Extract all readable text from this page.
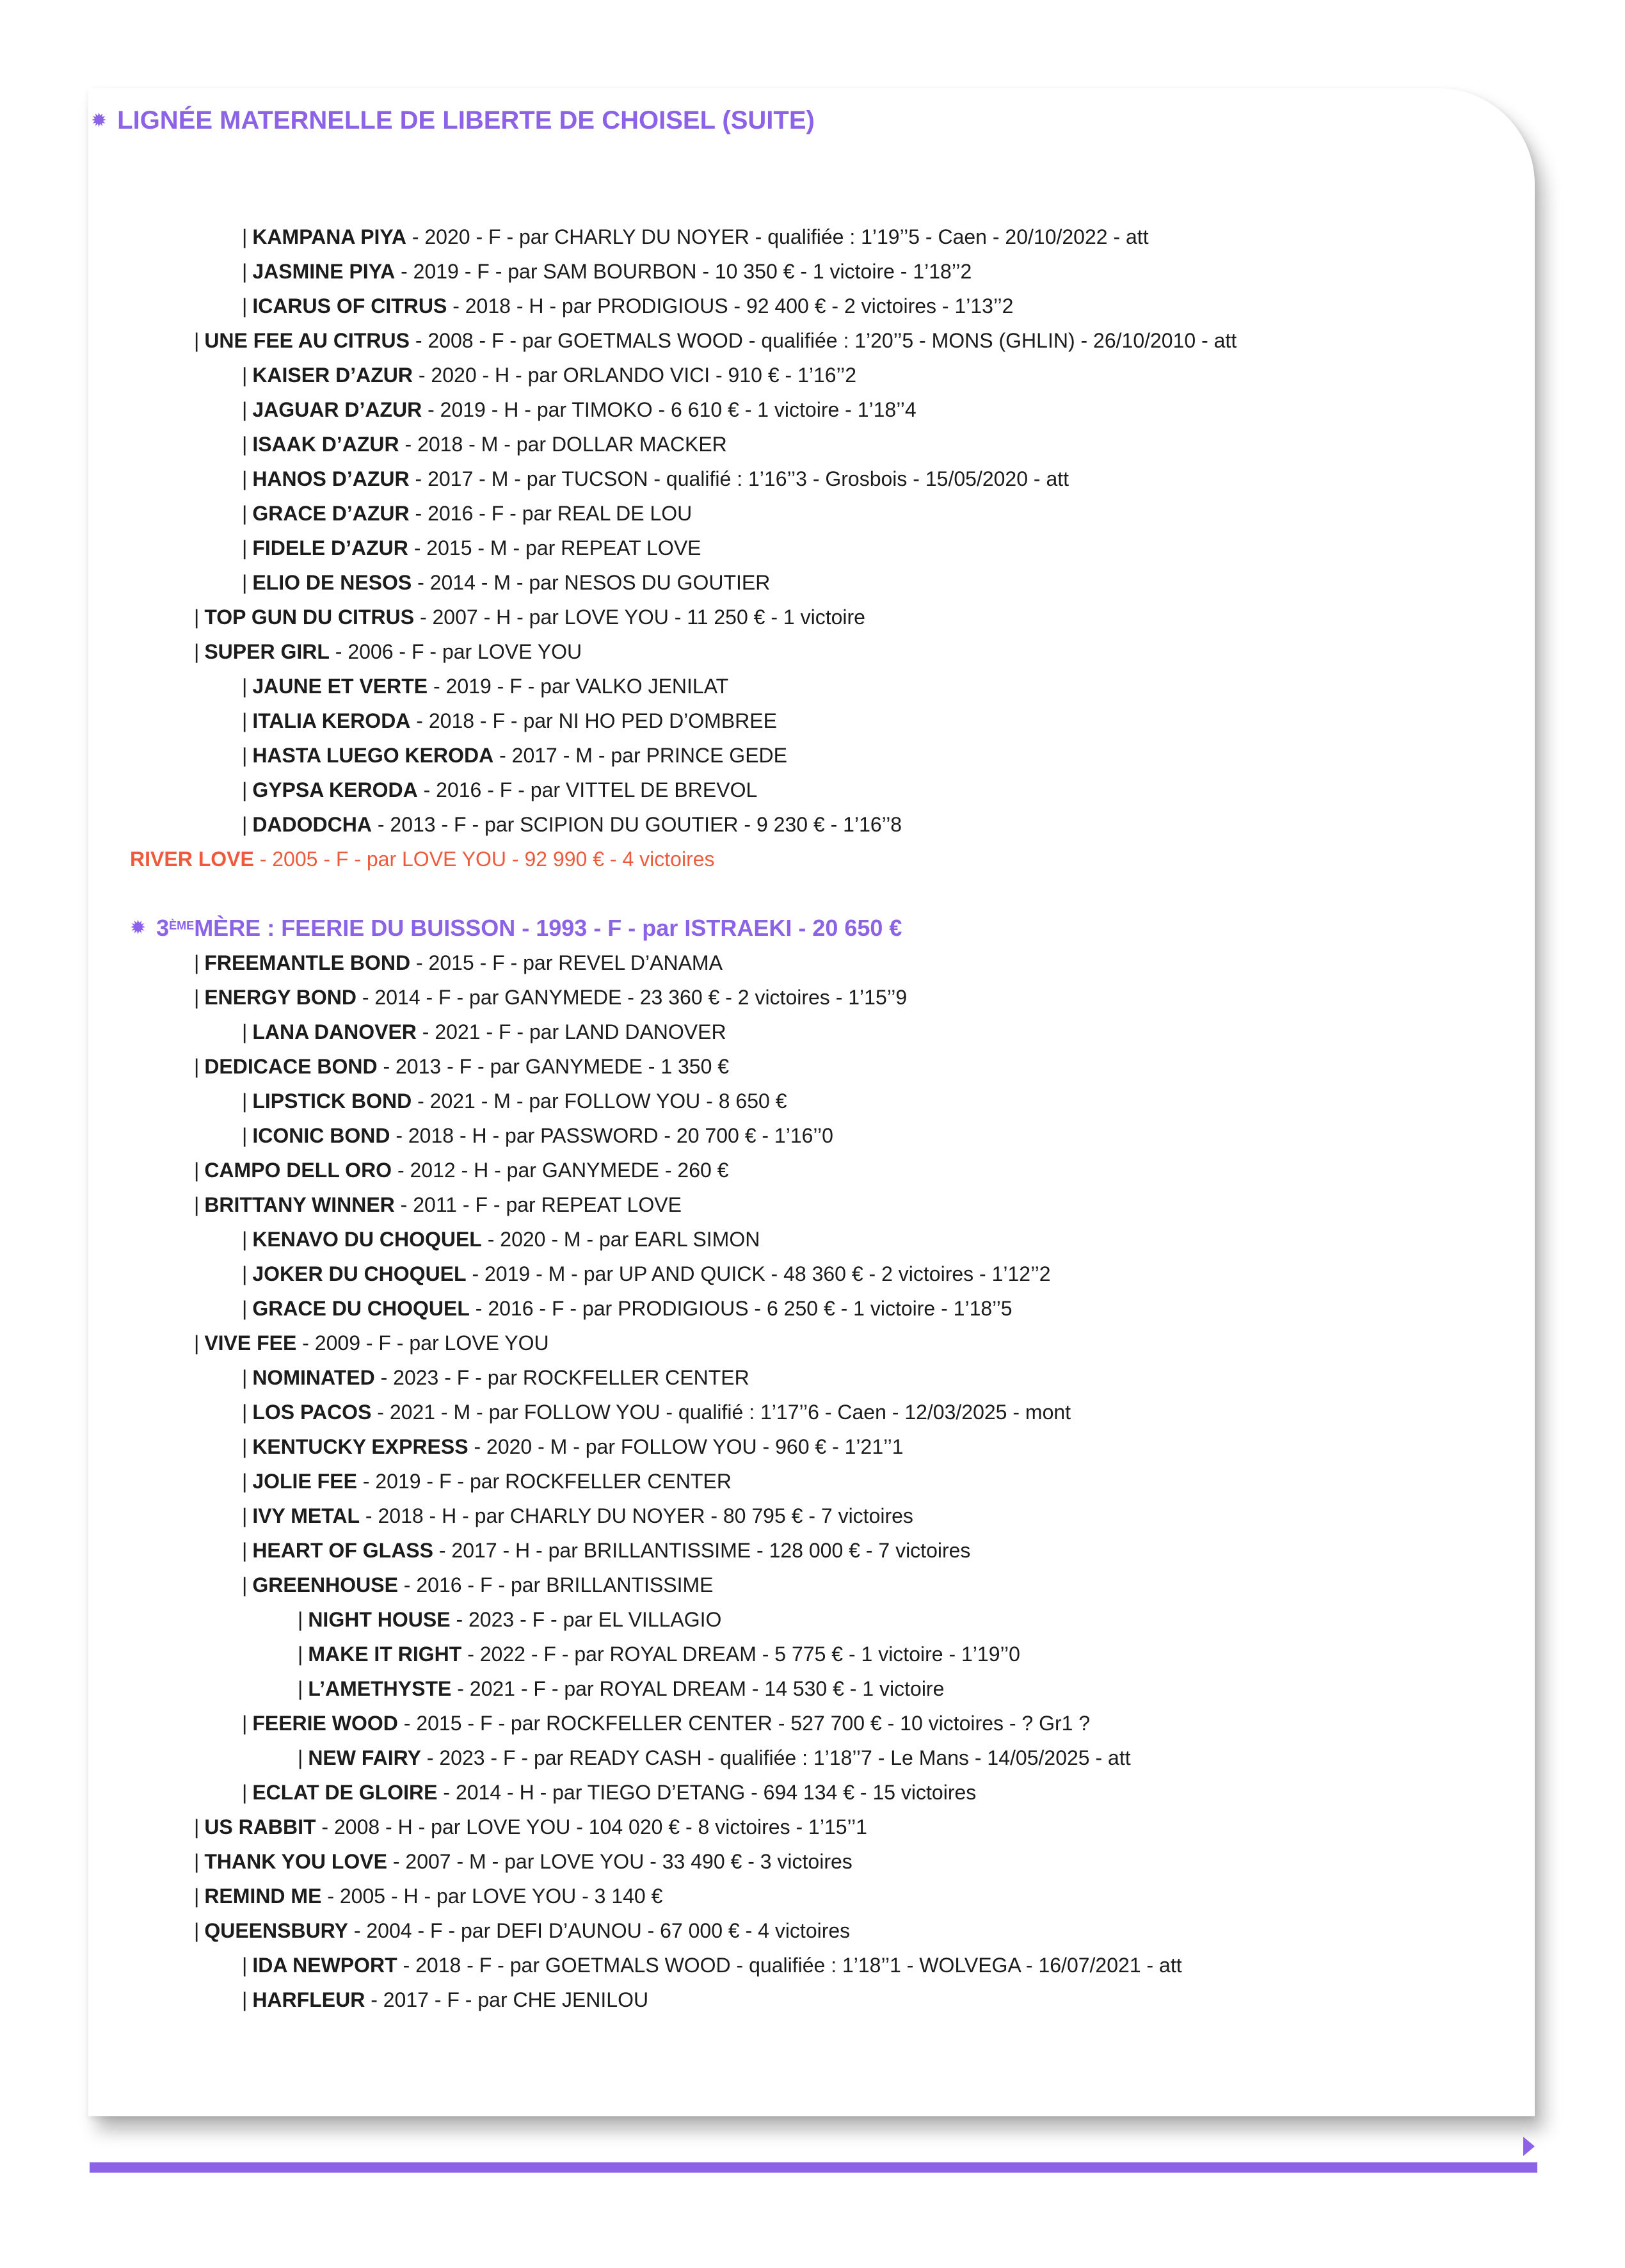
✹ LIGNÉE MATERNELLE DE LIBERTE DE CHOISEL (SUITE)
| KAMPANA PIYA - 2020 - F - par CHARLY DU NOYER - qualifiée : 1’19’’5 - Caen - 20/10/2022 - att
| JASMINE PIYA - 2019 - F - par SAM BOURBON - 10 350 € - 1 victoire - 1’18’’2
| ICARUS OF CITRUS - 2018 - H - par PRODIGIOUS - 92 400 € - 2 victoires - 1’13’’2
| UNE FEE AU CITRUS - 2008 - F - par GOETMALS WOOD - qualifiée : 1’20’’5 - MONS (GHLIN) - 26/10/2010 - att
| KAISER D’AZUR - 2020 - H - par ORLANDO VICI - 910 € - 1’16’’2
| JAGUAR D’AZUR - 2019 - H - par TIMOKO - 6 610 € - 1 victoire - 1’18’’4
| ISAAK D’AZUR - 2018 - M - par DOLLAR MACKER
| HANOS D’AZUR - 2017 - M - par TUCSON - qualifié : 1’16’’3 - Grosbois - 15/05/2020 - att
| GRACE D’AZUR - 2016 - F - par REAL DE LOU
| FIDELE D’AZUR - 2015 - M - par REPEAT LOVE
| ELIO DE NESOS - 2014 - M - par NESOS DU GOUTIER
| TOP GUN DU CITRUS - 2007 - H - par LOVE YOU - 11 250 € - 1 victoire
| SUPER GIRL - 2006 - F - par LOVE YOU
| JAUNE ET VERTE - 2019 - F - par VALKO JENILAT
| ITALIA KERODA - 2018 - F - par NI HO PED D’OMBREE
| HASTA LUEGO KERODA - 2017 - M - par PRINCE GEDE
| GYPSA KERODA - 2016 - F - par VITTEL DE BREVOL
| DADODCHA - 2013 - F - par SCIPION DU GOUTIER - 9 230 € - 1’16’’8
RIVER LOVE - 2005 - F - par LOVE YOU - 92 990 € - 4 victoires
✹ 3ÈME MÈRE : FEERIE DU BUISSON - 1993 - F - par ISTRAEKI - 20 650 €
| FREEMANTLE BOND - 2015 - F - par REVEL D’ANAMA
| ENERGY BOND - 2014 - F - par GANYMEDE - 23 360 € - 2 victoires - 1’15’’9
| LANA DANOVER - 2021 - F - par LAND DANOVER
| DEDICACE BOND - 2013 - F - par GANYMEDE - 1 350 €
| LIPSTICK BOND - 2021 - M - par FOLLOW YOU - 8 650 €
| ICONIC BOND - 2018 - H - par PASSWORD - 20 700 € - 1’16’’0
| CAMPO DELL ORO - 2012 - H - par GANYMEDE - 260 €
| BRITTANY WINNER - 2011 - F - par REPEAT LOVE
| KENAVO DU CHOQUEL - 2020 - M - par EARL SIMON
| JOKER DU CHOQUEL - 2019 - M - par UP AND QUICK - 48 360 € - 2 victoires - 1’12’’2
| GRACE DU CHOQUEL - 2016 - F - par PRODIGIOUS - 6 250 € - 1 victoire - 1’18’’5
| VIVE FEE - 2009 - F - par LOVE YOU
| NOMINATED - 2023 - F - par ROCKFELLER CENTER
| LOS PACOS - 2021 - M - par FOLLOW YOU - qualifié : 1’17’’6 - Caen - 12/03/2025 - mont
| KENTUCKY EXPRESS - 2020 - M - par FOLLOW YOU - 960 € - 1’21’’1
| JOLIE FEE - 2019 - F - par ROCKFELLER CENTER
| IVY METAL - 2018 - H - par CHARLY DU NOYER - 80 795 € - 7 victoires
| HEART OF GLASS - 2017 - H - par BRILLANTISSIME - 128 000 € - 7 victoires
| GREENHOUSE - 2016 - F - par BRILLANTISSIME
| NIGHT HOUSE - 2023 - F - par EL VILLAGIO
| MAKE IT RIGHT - 2022 - F - par ROYAL DREAM - 5 775 € - 1 victoire - 1’19’’0
| L’AMETHYSTE - 2021 - F - par ROYAL DREAM - 14 530 € - 1 victoire
| FEERIE WOOD - 2015 - F - par ROCKFELLER CENTER - 527 700 € - 10 victoires - ? Gr1 ?
| NEW FAIRY - 2023 - F - par READY CASH - qualifiée : 1’18’’7 - Le Mans - 14/05/2025 - att
| ECLAT DE GLOIRE - 2014 - H - par TIEGO D’ETANG - 694 134 € - 15 victoires
| US RABBIT - 2008 - H - par LOVE YOU - 104 020 € - 8 victoires - 1’15’’1
| THANK YOU LOVE - 2007 - M - par LOVE YOU - 33 490 € - 3 victoires
| REMIND ME - 2005 - H - par LOVE YOU - 3 140 €
| QUEENSBURY - 2004 - F - par DEFI D’AUNOU - 67 000 € - 4 victoires
| IDA NEWPORT - 2018 - F - par GOETMALS WOOD - qualifiée : 1’18’’1 - WOLVEGA - 16/07/2021 - att
| HARFLEUR - 2017 - F - par CHE JENILOU
